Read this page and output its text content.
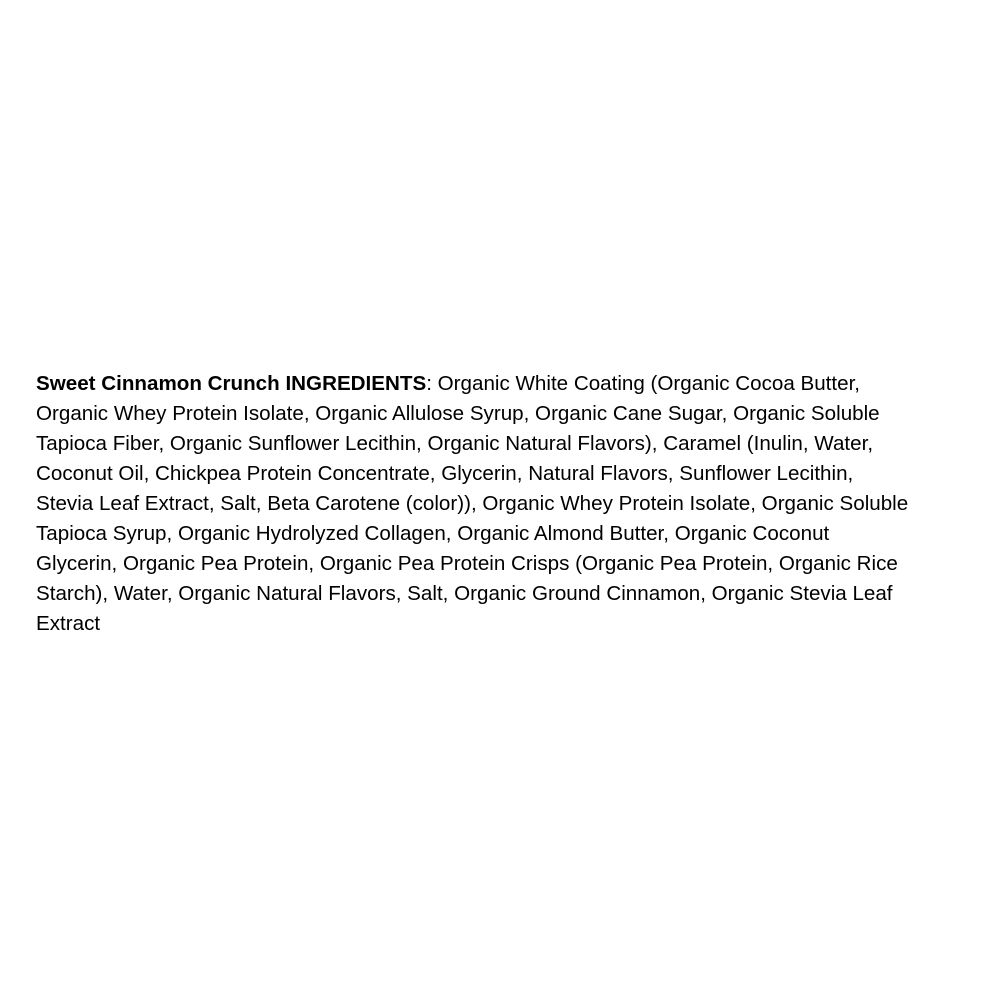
Sweet Cinnamon Crunch INGREDIENTS: Organic White Coating (Organic Cocoa Butter,
Organic Whey Protein Isolate, Organic Allulose Syrup, Organic Cane Sugar, Organic Soluble
Tapioca Fiber, Organic Sunflower Lecithin, Organic Natural Flavors), Caramel (Inulin, Water,
Coconut Oil, Chickpea Protein Concentrate, Glycerin, Natural Flavors, Sunflower Lecithin,
Stevia Leaf Extract, Salt, Beta Carotene (color)), Organic Whey Protein Isolate, Organic Soluble
Tapioca Syrup, Organic Hydrolyzed Collagen, Organic Almond Butter, Organic Coconut
Glycerin, Organic Pea Protein, Organic Pea Protein Crisps (Organic Pea Protein, Organic Rice
Starch), Water, Organic Natural Flavors, Salt, Organic Ground Cinnamon, Organic Stevia Leaf
Extract
